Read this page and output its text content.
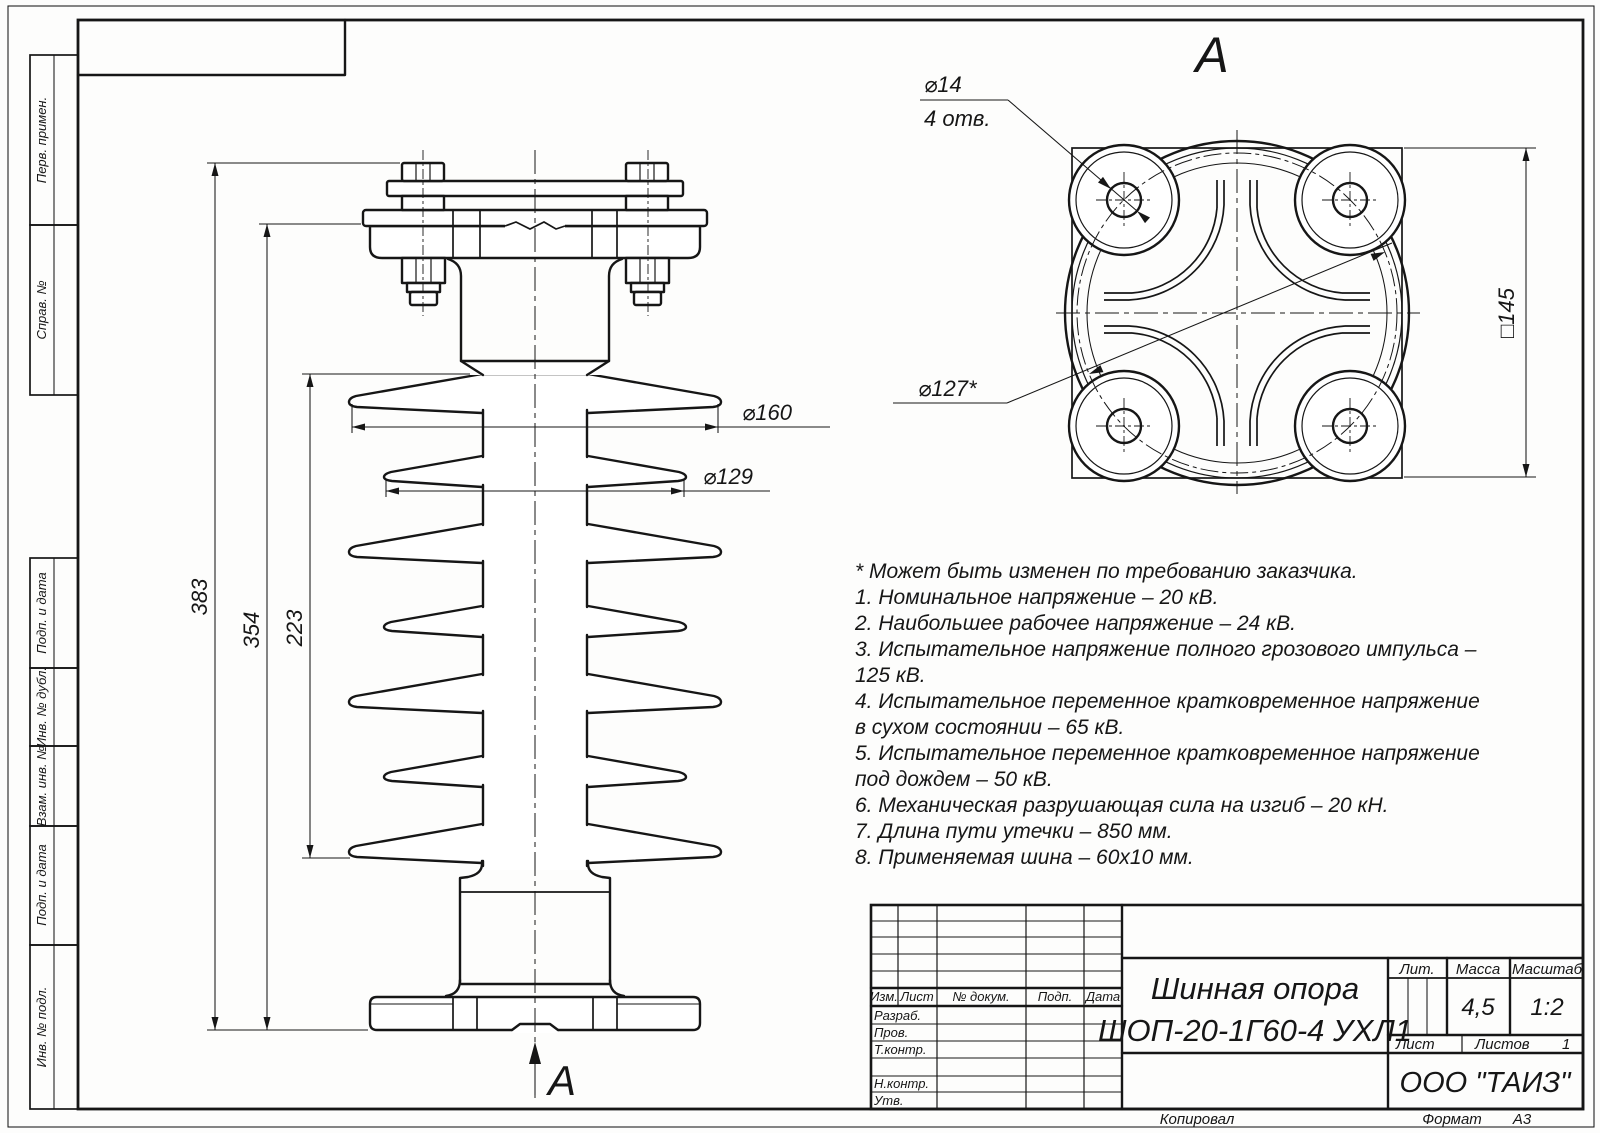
Перв. примен.
Справ. №
Подп. и дата
Инв. № дубл.
Взам. инв. №
Подп. и дата
Инв. № подл.
383
354 223
⌀160
⌀129
А
А
⌀14
4 отв.
⌀127*
□145
* Может быть изменен по требованию заказчика.
1. Номинальное напряжение – 20 кВ.
2. Наибольшее рабочее напряжение – 24 кВ.
3. Испытательное напряжение полного грозового импульса –
125 кВ.
4. Испытательное переменное кратковременное напряжение
в сухом состоянии – 65 кВ.
5. Испытательное переменное кратковременное напряжение
под дождем – 50 кВ.
6. Механическая разрушающая сила на изгиб – 20 кН.
7. Длина пути утечки – 850 мм.
8. Применяемая шина – 60х10 мм.
Изм. Лист № докум. Подп. Дата
Разраб.
Пров.
Т.контр.
Н.контр.
Утв.
Шинная опора
ШОП-20-1Г60-4 УХЛ1
Лит. Масса Масштаб
4,5 1:2
Лист	Листов 1
ООО "ТАИЗ"
Копировал	Формат А3
